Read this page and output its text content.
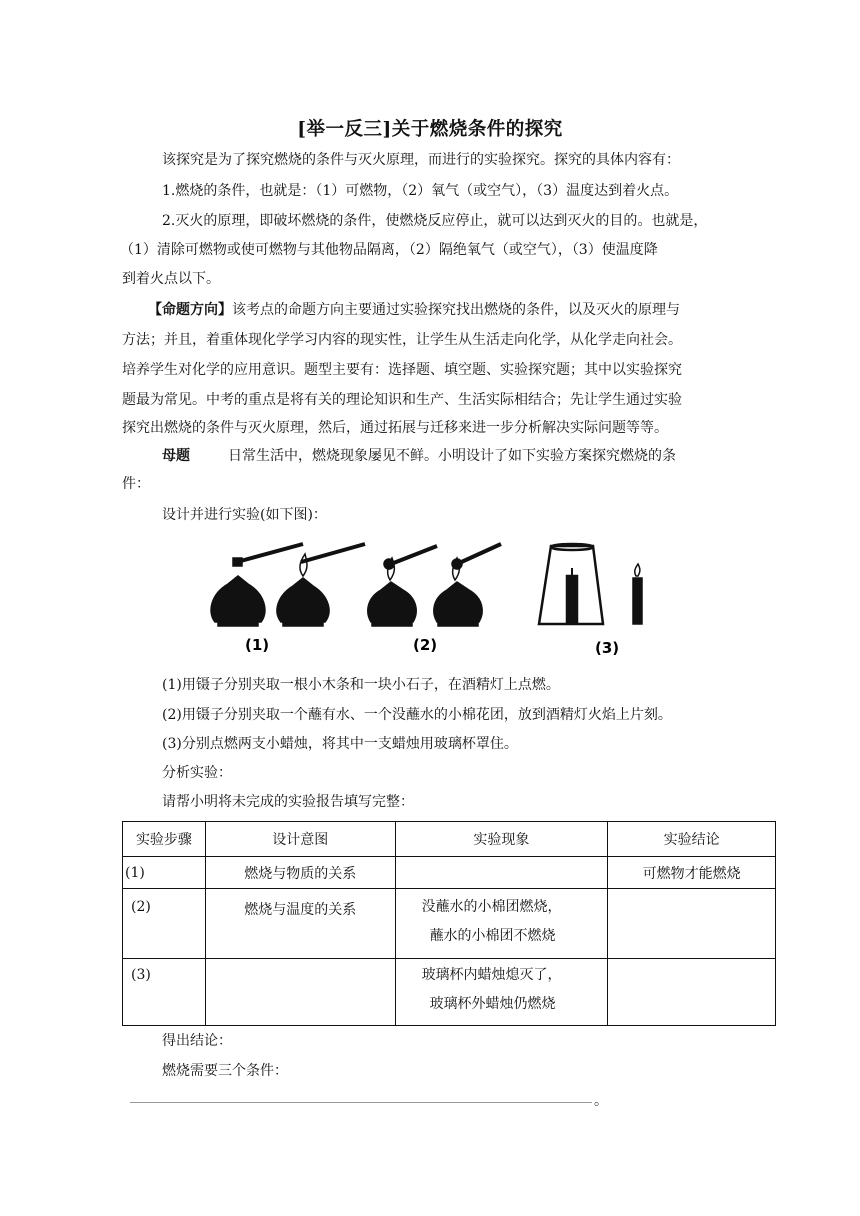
[举一反三]关于燃烧条件的探究
该探究是为了探究燃烧的条件与灭火原理，而进行的实验探究。探究的具体内容有：
1.燃烧的条件，也就是：（1）可燃物，（2）氧气（或空气），（3）温度达到着火点。
2.灭火的原理，即破坏燃烧的条件，使燃烧反应停止，就可以达到灭火的目的。也就是，
（1）清除可燃物或使可燃物与其他物品隔离，（2）隔绝氧气（或空气），（3）使温度降
到着火点以下。
【命题方向】该考点的命题方向主要通过实验探究找出燃烧的条件，以及灭火的原理与
方法；并且，着重体现化学学习内容的现实性，让学生从生活走向化学，从化学走向社会。
培养学生对化学的应用意识。题型主要有：选择题、填空题、实验探究题；其中以实验探究
题最为常见。中考的重点是将有关的理论知识和生产、生活实际相结合；先让学生通过实验
探究出燃烧的条件与灭火原理，然后，通过拓展与迁移来进一步分析解决实际问题等等。
母题	日常生活中，燃烧现象屡见不鲜。小明设计了如下实验方案探究燃烧的条
件：
设计并进行实验(如下图)：
(1)	(2)	(3)
(1)用镊子分别夹取一根小木条和一块小石子，在酒精灯上点燃。
(2)用镊子分别夹取一个蘸有水、一个没蘸水的小棉花团，放到酒精灯火焰上片刻。
(3)分别点燃两支小蜡烛，将其中一支蜡烛用玻璃杯罩住。
分析实验：
请帮小明将未完成的实验报告填写完整：
实验步骤	设计意图	实验现象	实验结论
(1)	燃烧与物质的关系		可燃物才能燃烧
(2)	燃烧与温度的关系	没蘸水的小棉团燃烧，
蘸水的小棉团不燃烧	

(3)		玻璃杯内蜡烛熄灭了，
玻璃杯外蜡烛仍燃烧	

得出结论：
燃烧需要三个条件：
。
